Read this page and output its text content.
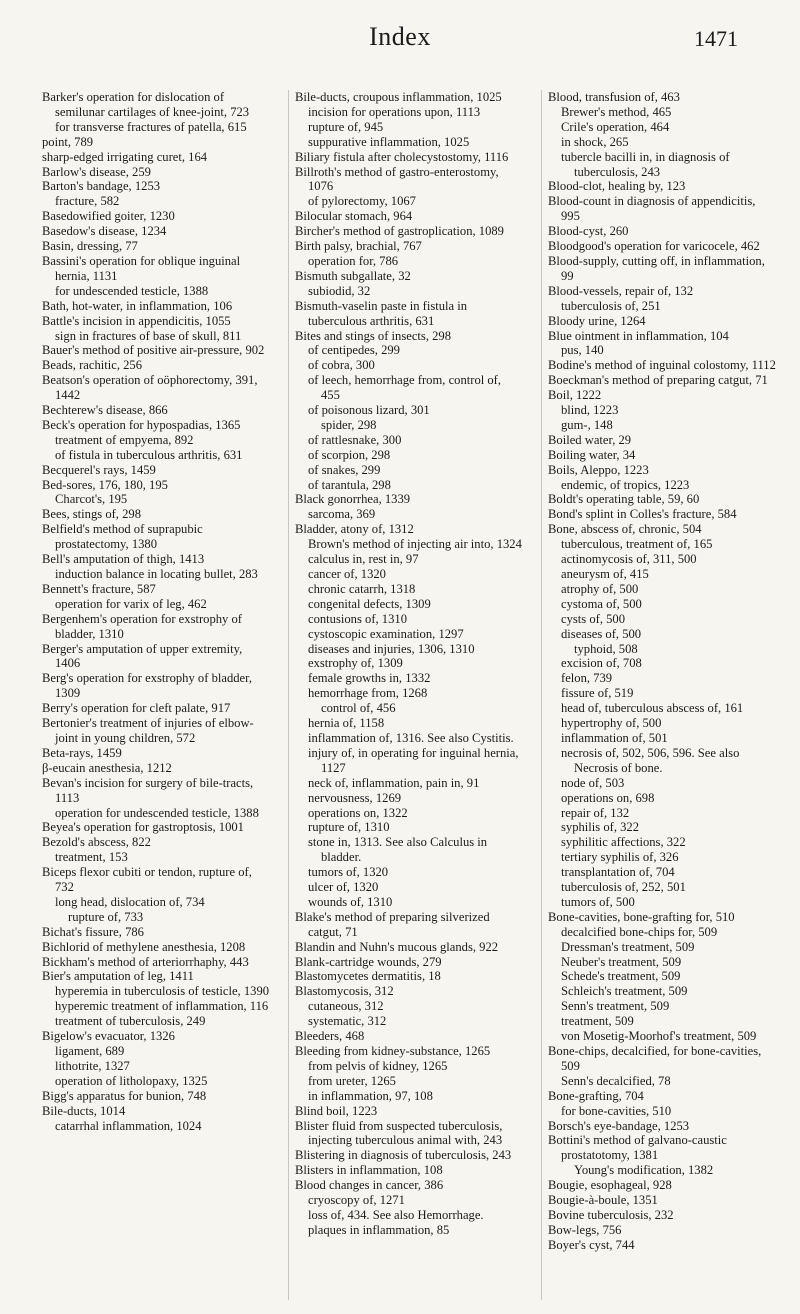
Index	1471
Barker's operation for dislocation of semilunar cartilages of knee-joint, 723
for transverse fractures of patella, 615
point, 789
sharp-edged irrigating curet, 164
Barlow's disease, 259
Barton's bandage, 1253
fracture, 582
Basedowified goiter, 1230
Basedow's disease, 1234
Basin, dressing, 77
Bassini's operation for oblique inguinal hernia, 1131
for undescended testicle, 1388
Bath, hot-water, in inflammation, 106
Battle's incision in appendicitis, 1055
sign in fractures of base of skull, 811
Bauer's method of positive air-pressure, 902
Beads, rachitic, 256
Beatson's operation of oöphorectomy, 391, 1442
Bechterew's disease, 866
Beck's operation for hypospadias, 1365
treatment of empyema, 892
of fistula in tuberculous arthritis, 631
Becquerel's rays, 1459
Bed-sores, 176, 180, 195
Charcot's, 195
Bees, stings of, 298
Belfield's method of suprapubic prostatectomy, 1380
Bell's amputation of thigh, 1413
induction balance in locating bullet, 283
Bennett's fracture, 587
operation for varix of leg, 462
Bergenhem's operation for exstrophy of bladder, 1310
Berger's amputation of upper extremity, 1406
Berg's operation for exstrophy of bladder, 1309
Berry's operation for cleft palate, 917
Bertonier's treatment of injuries of elbow-joint in young children, 572
Beta-rays, 1459
β-eucain anesthesia, 1212
Bevan's incision for surgery of bile-tracts, 1113
operation for undescended testicle, 1388
Beyea's operation for gastroptosis, 1001
Bezold's abscess, 822
treatment, 153
Biceps flexor cubiti or tendon, rupture of, 732
long head, dislocation of, 734
rupture of, 733
Bichat's fissure, 786
Bichlorid of methylene anesthesia, 1208
Bickham's method of arteriorrhaphy, 443
Bier's amputation of leg, 1411
hyperemia in tuberculosis of testicle, 1390
hyperemic treatment of inflammation, 116
treatment of tuberculosis, 249
Bigelow's evacuator, 1326
ligament, 689
lithotrite, 1327
operation of litholopaxy, 1325
Bigg's apparatus for bunion, 748
Bile-ducts, 1014
catarrhal inflammation, 1024
Bile-ducts, croupous inflammation, 1025
incision for operations upon, 1113
rupture of, 945
suppurative inflammation, 1025
Biliary fistula after cholecystostomy, 1116
Billroth's method of gastro-enterostomy, 1076
of pylorectomy, 1067
Bilocular stomach, 964
Bircher's method of gastroplication, 1089
Birth palsy, brachial, 767
operation for, 786
Bismuth subgallate, 32
subiodid, 32
Bismuth-vaselin paste in fistula in tuberculous arthritis, 631
Bites and stings of insects, 298
of centipedes, 299
of cobra, 300
of leech, hemorrhage from, control of, 455
of poisonous lizard, 301
spider, 298
of rattlesnake, 300
of scorpion, 298
of snakes, 299
of tarantula, 298
Black gonorrhea, 1339
sarcoma, 369
Bladder, atony of, 1312
Brown's method of injecting air into, 1324
calculus in, rest in, 97
cancer of, 1320
chronic catarrh, 1318
congenital defects, 1309
contusions of, 1310
cystoscopic examination, 1297
diseases and injuries, 1306, 1310
exstrophy of, 1309
female growths in, 1332
hemorrhage from, 1268
control of, 456
hernia of, 1158
inflammation of, 1316. See also Cystitis.
injury of, in operating for inguinal hernia, 1127
neck of, inflammation, pain in, 91
nervousness, 1269
operations on, 1322
rupture of, 1310
stone in, 1313. See also Calculus in bladder.
tumors of, 1320
ulcer of, 1320
wounds of, 1310
Blake's method of preparing silverized catgut, 71
Blandin and Nuhn's mucous glands, 922
Blank-cartridge wounds, 279
Blastomycetes dermatitis, 18
Blastomycosis, 312
cutaneous, 312
systematic, 312
Bleeders, 468
Bleeding from kidney-substance, 1265
from pelvis of kidney, 1265
from ureter, 1265
in inflammation, 97, 108
Blind boil, 1223
Blister fluid from suspected tuberculosis, injecting tuberculous animal with, 243
Blistering in diagnosis of tuberculosis, 243
Blisters in inflammation, 108
Blood changes in cancer, 386
cryoscopy of, 1271
loss of, 434. See also Hemorrhage.
plaques in inflammation, 85
Blood, transfusion of, 463
Brewer's method, 465
Crile's operation, 464
in shock, 265
tubercle bacilli in, in diagnosis of tuberculosis, 243
Blood-clot, healing by, 123
Blood-count in diagnosis of appendicitis, 995
Blood-cyst, 260
Bloodgood's operation for varicocele, 462
Blood-supply, cutting off, in inflammation, 99
Blood-vessels, repair of, 132
tuberculosis of, 251
Bloody urine, 1264
Blue ointment in inflammation, 104
pus, 140
Bodine's method of inguinal colostomy, 1112
Boeckman's method of preparing catgut, 71
Boil, 1222
blind, 1223
gum-, 148
Boiled water, 29
Boiling water, 34
Boils, Aleppo, 1223
endemic, of tropics, 1223
Boldt's operating table, 59, 60
Bond's splint in Colles's fracture, 584
Bone, abscess of, chronic, 504
tuberculous, treatment of, 165
actinomycosis of, 311, 500
aneurysm of, 415
atrophy of, 500
cystoma of, 500
cysts of, 500
diseases of, 500
typhoid, 508
excision of, 708
felon, 739
fissure of, 519
head of, tuberculous abscess of, 161
hypertrophy of, 500
inflammation of, 501
necrosis of, 502, 506, 596. See also Necrosis of bone.
node of, 503
operations on, 698
repair of, 132
syphilis of, 322
syphilitic affections, 322
tertiary syphilis of, 326
transplantation of, 704
tuberculosis of, 252, 501
tumors of, 500
Bone-cavities, bone-grafting for, 510
decalcified bone-chips for, 509
Dressman's treatment, 509
Neuber's treatment, 509
Schede's treatment, 509
Schleich's treatment, 509
Senn's treatment, 509
treatment, 509
von Mosetig-Moorhof's treatment, 509
Bone-chips, decalcified, for bone-cavities, 509
Senn's decalcified, 78
Bone-grafting, 704
for bone-cavities, 510
Borsch's eye-bandage, 1253
Bottini's method of galvano-caustic prostatotomy, 1381
Young's modification, 1382
Bougie, esophageal, 928
Bougie-à-boule, 1351
Bovine tuberculosis, 232
Bow-legs, 756
Boyer's cyst, 744
